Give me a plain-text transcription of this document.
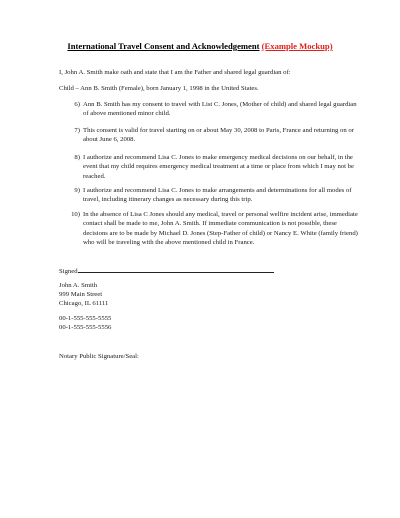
International Travel Consent and Acknowledgement (Example Mockup)
I, John A. Smith make oath and state that I am the Father and shared legal guardian of:
Child – Ann B. Smith (Female), born January 1, 1998 in the United States.
6) Ann B. Smith has my consent to travel with List C. Jones, (Mother of child) and shared legal guardian of above mentioned minor child.
7) This consent is valid for travel starting on or about May 30, 2008 to Paris, France and returning on or about June 6, 2008.
8) I authorize and recommend Lisa C. Jones to make emergency medical decisions on our behalf, in the event that my child requires emergency medical treatment at a time or place from which I may not be reached.
9) I authorize and recommend Lisa C. Jones to make arrangements and determinations for all modes of travel, including itinerary changes as necessary during this trip.
10) In the absence of Lisa C Jones should any medical, travel or personal welfire incident arise, immediate contact shall be made to me, John A. Smith. If immediate communication is not possible, these decisions are to be made by Michael D. Jones (Step-Father of child) or Nancy E. White (family friend) who will be traveling with the above mentioned child in France.
Signed
John A. Smith
999 Main Street
Chicago, IL 61111
00-1-555-555-5555
00-1-555-555-5556
Notary Public Signature/Seal:
